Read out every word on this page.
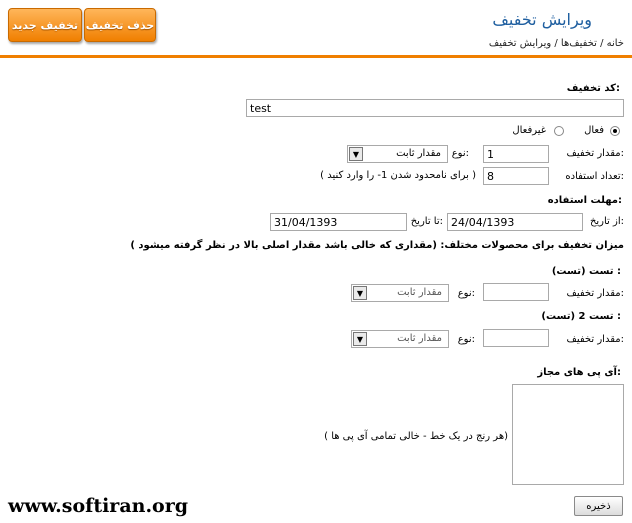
ویرایش تخفیف
خانه / تخفیف‌ها / ویرایش تخفیف
تخفیف جدید حذف تخفیف
کد تخفیف:
test
فعال
غیرفعال
مقدار تخفیف:
1
نوع:
مقدار ثابت
▼
تعداد استفاده:
8
( برای نامحدود شدن 1- را وارد کنید )
مهلت استفاده:
از تاریخ:
24/04/1393
تا تاریخ:
31/04/1393
میزان تخفیف برای محصولات مختلف: (مقداری که خالی باشد مقدار اصلی بالا در نظر گرفته میشود )
تست (تست) :
مقدار تخفیف:
نوع:
مقدار ثابت
▼
تست 2 (تست) :
مقدار تخفیف:
نوع:
مقدار ثابت
▼
آی پی های مجاز:
( هر رنج در یک خط - خالی تمامی آی پی ها)
ذخیره
www.softiran.org
